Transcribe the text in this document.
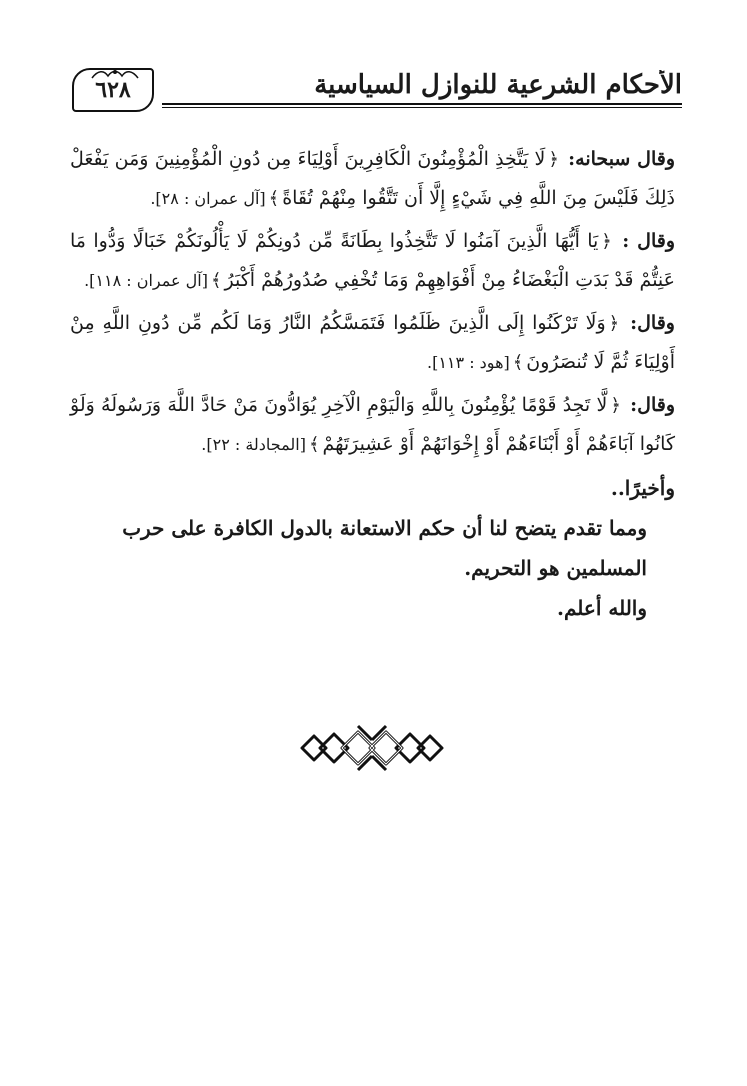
الأحكام الشرعية للنوازل السياسية
٦٢٨

وقال سبحانه: ﴿لَا يَتَّخِذِ الْمُؤْمِنُونَ الْكَافِرِينَ أَوْلِيَاءَ مِن دُونِ الْمُؤْمِنِينَ وَمَن يَفْعَلْ ذَلِكَ فَلَيْسَ مِنَ اللَّهِ فِي شَيْءٍ إِلَّا أَن تَتَّقُوا مِنْهُمْ تُقَاةً﴾[آل عمران : ٢٨].

وقال : ﴿يَا أَيُّهَا الَّذِينَ آمَنُوا لَا تَتَّخِذُوا بِطَانَةً مِّن دُونِكُمْ لَا يَأْلُونَكُمْ خَبَالًا وَدُّوا مَا عَنِتُّمْ قَدْ بَدَتِ الْبَغْضَاءُ مِنْ أَفْوَاهِهِمْ وَمَا تُخْفِي صُدُورُهُمْ أَكْبَرُ﴾[آل عمران : ١١٨].

وقال: ﴿وَلَا تَرْكَنُوا إِلَى الَّذِينَ ظَلَمُوا فَتَمَسَّكُمُ النَّارُ وَمَا لَكُم مِّن دُونِ اللَّهِ مِنْ أَوْلِيَاءَ ثُمَّ لَا تُنصَرُونَ﴾[هود : ١١٣].

وقال: ﴿لَّا تَجِدُ قَوْمًا يُؤْمِنُونَ بِاللَّهِ وَالْيَوْمِ الْآخِرِ يُوَادُّونَ مَنْ حَادَّ اللَّهَ وَرَسُولَهُ وَلَوْ كَانُوا آبَاءَهُمْ أَوْ أَبْنَاءَهُمْ أَوْ إِخْوَانَهُمْ أَوْ عَشِيرَتَهُمْ﴾[المجادلة : ٢٢].

وأخيرًا..

ومما تقدم يتضح لنا أن حكم الاستعانة بالدول الكافرة على حرب المسلمين هو التحريم.

والله أعلم.
